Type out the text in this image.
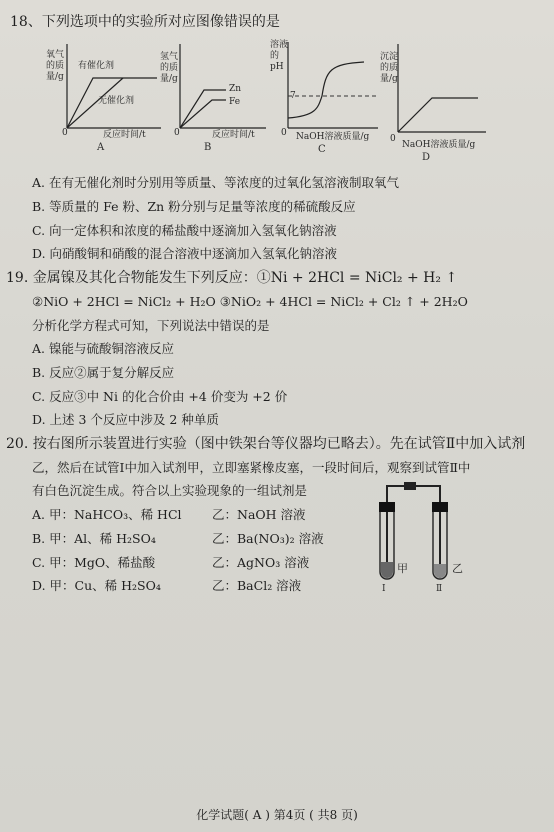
18、下列选项中的实验所对应图像错误的是
氧气的质量/g
有催化剂
无催化剂
0	反应时间/t
A
氢气的质量/g
Zn
Fe
0	反应时间/t
B
溶液的pH
7
0 NaOH溶液质量/g
C
沉淀的质量/g
0
NaOH溶液质量/g
D
A. 在有无催化剂时分别用等质量、等浓度的过氧化氢溶液制取氧气
B. 等质量的 Fe 粉、Zn 粉分别与足量等浓度的稀硫酸反应
C. 向一定体积和浓度的稀盐酸中逐滴加入氢氧化钠溶液
D. 向硝酸铜和硝酸的混合溶液中逐滴加入氢氧化钠溶液
19. 金属镍及其化合物能发生下列反应：①Ni + 2HCl = NiCl₂ + H₂ ↑
②NiO + 2HCl = NiCl₂ + H₂O ③NiO₂ + 4HCl = NiCl₂ + Cl₂ ↑ + 2H₂O
分析化学方程式可知，下列说法中错误的是
A. 镍能与硫酸铜溶液反应
B. 反应②属于复分解反应
C. 反应③中 Ni 的化合价由 +4 价变为 +2 价
D. 上述 3 个反应中涉及 2 种单质
20. 按右图所示装置进行实验（图中铁架台等仪器均已略去）。先在试管Ⅱ中加入试剂
乙，然后在试管Ⅰ中加入试剂甲，立即塞紧橡皮塞，一段时间后，观察到试管Ⅱ中
有白色沉淀生成。符合以上实验现象的一组试剂是
A. 甲：NaHCO₃、稀 HCl 乙：NaOH 溶液
B. 甲：Al、稀 H₂SO₄	乙：Ba(NO₃)₂ 溶液
C. 甲：MgO、稀盐酸	乙：AgNO₃ 溶液
D. 甲：Cu、稀 H₂SO₄	乙：BaCl₂ 溶液
甲	乙
Ⅰ	Ⅱ
化学试题( A ) 第4页 ( 共8 页)
